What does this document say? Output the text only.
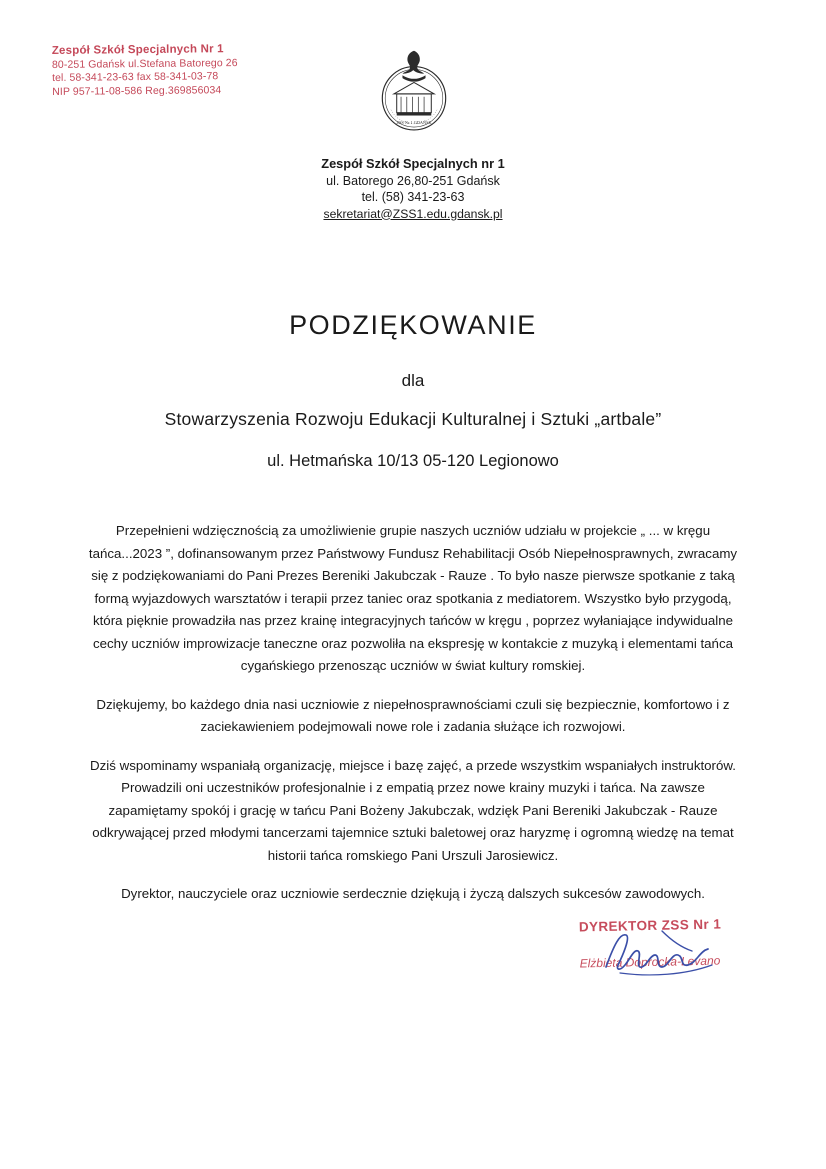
Zespół Szkół Specjalnych Nr 1
80-251 Gdańsk ul.Stefana Batorego 26
tel. 58-341-23-63 fax 58-341-03-78
NIP 957-11-08-586 Reg.369856034
ZSS Nr 1 GDAŃSK
Zespół Szkół Specjalnych nr 1
ul. Batorego 26,80-251 Gdańsk
tel. (58) 341-23-63
sekretariat@ZSS1.edu.gdansk.pl
PODZIĘKOWANIE
dla
Stowarzyszenia Rozwoju Edukacji Kulturalnej i Sztuki „artbale”
ul. Hetmańska 10/13 05-120 Legionowo

Przepełnieni wdzięcznością za umożliwienie grupie naszych uczniów udziału w projekcie „ ... w kręgu tańca...2023 ”, dofinansowanym przez Państwowy Fundusz Rehabilitacji Osób Niepełnosprawnych, zwracamy się z podziękowaniami do Pani Prezes Bereniki Jakubczak - Rauze . To było nasze pierwsze spotkanie z taką formą wyjazdowych warsztatów i terapii przez taniec oraz spotkania z mediatorem. Wszystko było przygodą, która pięknie prowadziła nas przez krainę integracyjnych tańców w kręgu , poprzez wyłaniające indywidualne cechy uczniów improwizacje taneczne oraz pozwoliła na ekspresję w kontakcie z muzyką i elementami tańca cygańskiego przenosząc uczniów w świat kultury romskiej.

Dziękujemy, bo każdego dnia nasi uczniowie z niepełnosprawnościami czuli się bezpiecznie, komfortowo i z zaciekawieniem podejmowali nowe role i zadania służące ich rozwojowi.

Dziś wspominamy wspaniałą organizację, miejsce i bazę zajęć, a przede wszystkim wspaniałych instruktorów. Prowadzili oni uczestników profesjonalnie i z empatią przez nowe krainy muzyki i tańca. Na zawsze zapamiętamy spokój i grację w tańcu Pani Bożeny Jakubczak, wdzięk Pani Bereniki Jakubczak - Rauze odkrywającej przed młodymi tancerzami tajemnice sztuki baletowej oraz haryzmę i ogromną wiedzę na temat historii tańca romskiego Pani Urszuli Jarosiewicz.

Dyrektor, nauczyciele oraz uczniowie serdecznie dziękują i życzą dalszych sukcesów zawodowych.

DYREKTOR ZSS Nr 1
Elżbieta Doprocka-Levano
